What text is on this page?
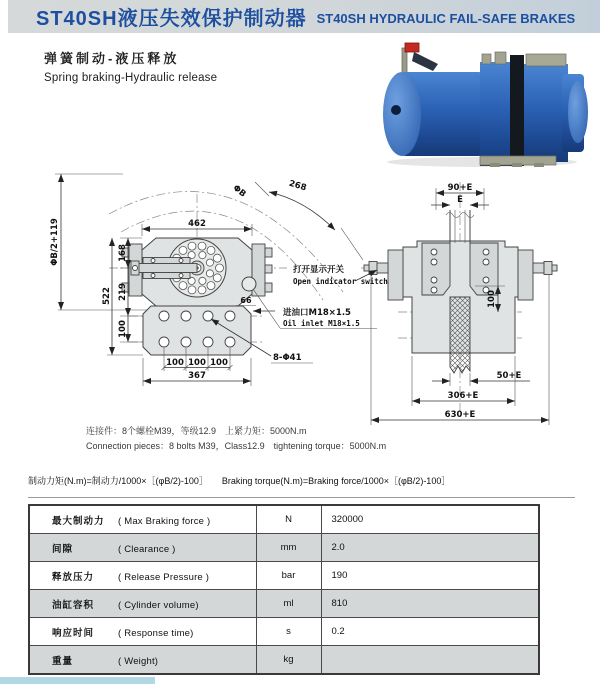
ST40SH液压失效保护制动器 ST40SH HYDRAULIC FAIL-SAFE BRAKES
弹簧制动-液压释放
Spring braking-Hydraulic release
462
168
219
100
522
ΦB/2+119
ΦB	268
66
8-Φ41
100 100 100
367
90+E
E
100
50+E
306+E
630+E
打开显示开关
Open indicator switch
进油口M18×1.5
Oil inlet M18×1.5
连接件：8个螺栓M39，等级12.9　上紧力矩：5000N.m
Connection pieces：8 bolts M39，Class12.9　tightening torque：5000N.m
制动力矩(N.m)=制动力/1000×［(φB/2)-100］ Braking torque(N.m)=Braking force/1000×［(φB/2)-100］
最大制动力 ( Max Braking force )	N	320000
间隙 ( Clearance )	mm	2.0
释放压力 ( Release Pressure )	bar	190
油缸容积 ( Cylinder volume)	ml	810
响应时间 ( Response time)	s	0.2
重量 ( Weight)	kg	
